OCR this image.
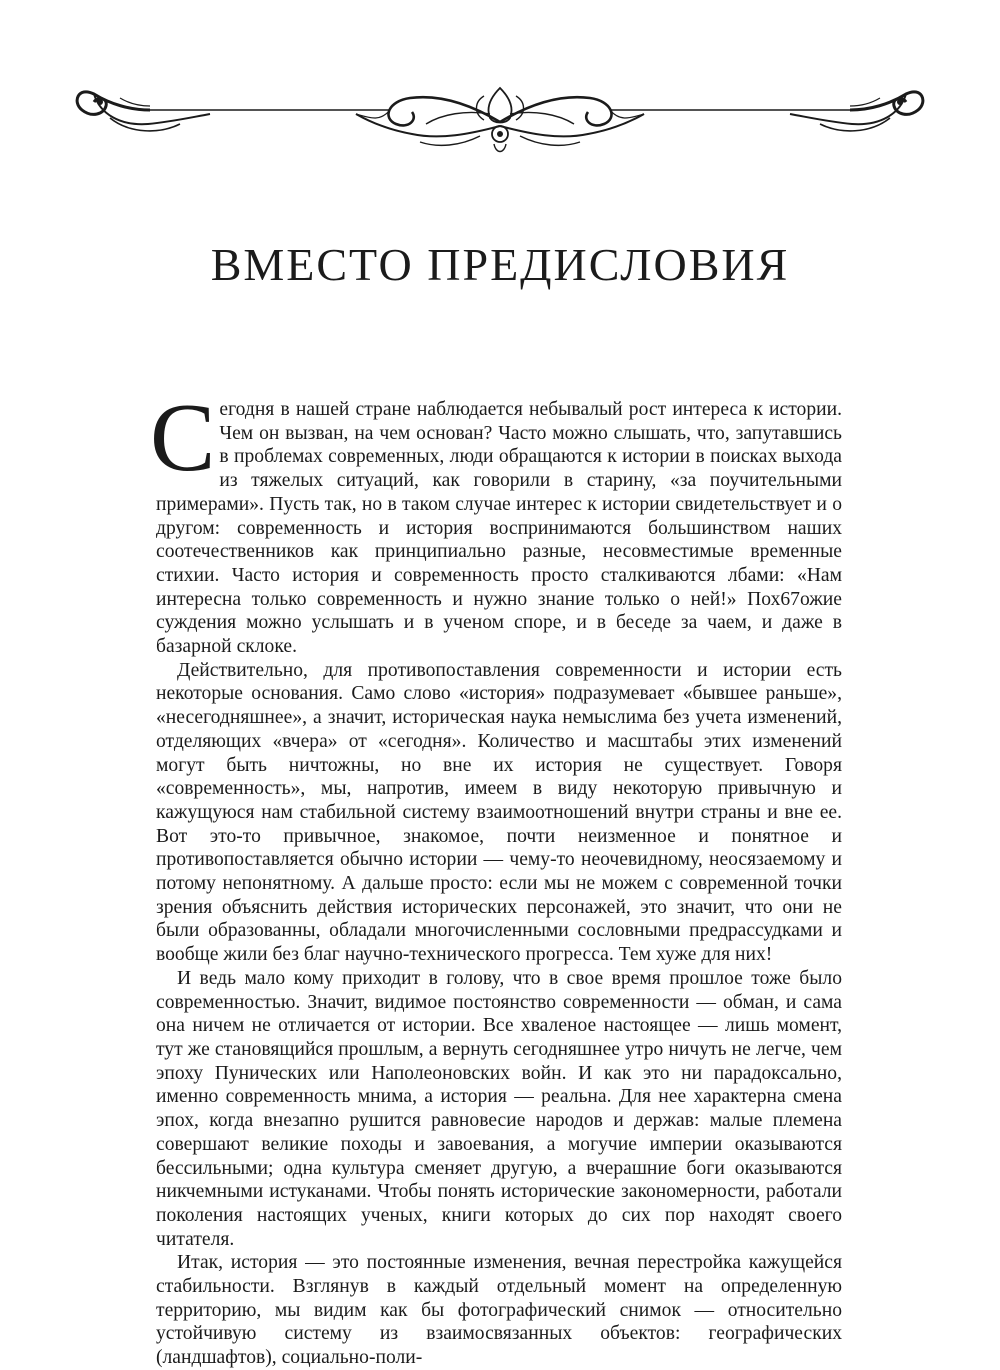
ВМЕСТО ПРЕДИСЛОВИЯ

Сегодня в нашей стране наблюдается небывалый рост интереса к истории. Чем он вызван, на чем основан? Часто можно слышать, что, запутавшись в проблемах современных, люди обращаются к истории в поисках выхода из тяжелых ситуаций, как говорили в старину, «за поучительными примерами». Пусть так, но в таком случае интерес к истории свидетельствует и о другом: современность и история воспринимаются большинством наших соотечественников как принципиально разные, несовместимые временные стихии. Часто история и современность просто сталкиваются лбами: «Нам интересна только современность и нужно знание только о ней!» Пох67ожие суждения можно услышать и в ученом споре, и в беседе за чаем, и даже в базарной склоке.

Действительно, для противопоставления современности и истории есть некоторые основания. Само слово «история» подразумевает «бывшее раньше», «несегодняшнее», а значит, историческая наука немыслима без учета изменений, отделяющих «вчера» от «сегодня». Количество и масштабы этих изменений могут быть ничтожны, но вне их история не существует. Говоря «современность», мы, напротив, имеем в виду некоторую привычную и кажущуюся нам стабильной систему взаимоотношений внутри страны и вне ее. Вот это-то привычное, знакомое, почти неизменное и понятное и противопоставляется обычно истории — чему-то неочевидному, неосязаемому и потому непонятному. А дальше просто: если мы не можем с современной точки зрения объяснить действия исторических персонажей, это значит, что они не были образованны, обладали многочисленными сословными предрассудками и вообще жили без благ научно-технического прогресса. Тем хуже для них!

И ведь мало кому приходит в голову, что в свое время прошлое тоже было современностью. Значит, видимое постоянство современности — обман, и сама она ничем не отличается от истории. Все хваленое настоящее — лишь момент, тут же становящийся прошлым, а вернуть сегодняшнее утро ничуть не легче, чем эпоху Пунических или Наполеоновских войн. И как это ни парадоксально, именно современность мнима, а история — реальна. Для нее характерна смена эпох, когда внезапно рушится равновесие народов и держав: малые племена совершают великие походы и завоевания, а могучие империи оказываются бессильными; одна культура сменяет другую, а вчерашние боги оказываются никчемными истуканами. Чтобы понять исторические закономерности, работали поколения настоящих ученых, книги которых до сих пор находят своего читателя.

Итак, история — это постоянные изменения, вечная перестройка кажущейся стабильности. Взглянув в каждый отдельный момент на определенную территорию, мы видим как бы фотографический снимок — относительно устойчивую систему из взаимосвязанных объектов: географических (ландшафтов), социально-поли-
